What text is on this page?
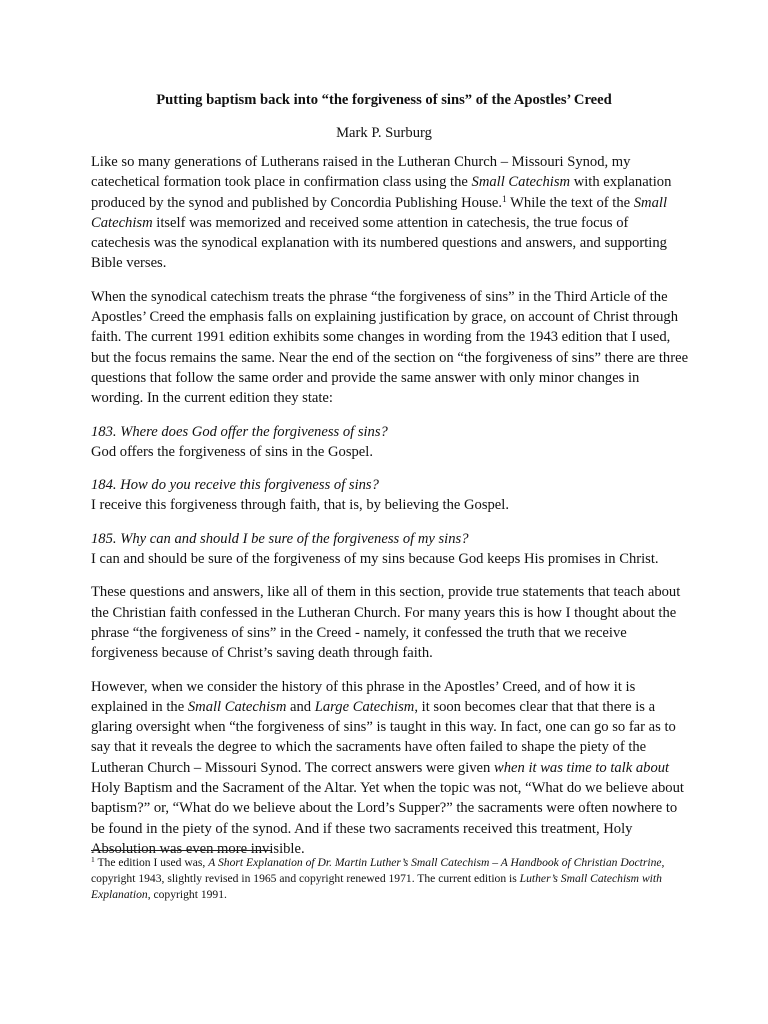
Putting baptism back into “the forgiveness of sins” of the Apostles’ Creed
Mark P. Surburg

Like so many generations of Lutherans raised in the Lutheran Church – Missouri Synod, my catechetical formation took place in confirmation class using the Small Catechism with explanation produced by the synod and published by Concordia Publishing House.$^1$ While the text of the Small Catechism itself was memorized and received some attention in catechesis, the true focus of catechesis was the synodical explanation with its numbered questions and answers, and supporting Bible verses.

When the synodical catechism treats the phrase “the forgiveness of sins” in the Third Article of the Apostles’ Creed the emphasis falls on explaining justification by grace, on account of Christ through faith. The current 1991 edition exhibits some changes in wording from the 1943 edition that I used, but the focus remains the same. Near the end of the section on “the forgiveness of sins” there are three questions that follow the same order and provide the same answer with only minor changes in wording. In the current edition they state:

183. Where does God offer the forgiveness of sins?
God offers the forgiveness of sins in the Gospel.

184. How do you receive this forgiveness of sins?
I receive this forgiveness through faith, that is, by believing the Gospel.

185. Why can and should I be sure of the forgiveness of my sins?
I can and should be sure of the forgiveness of my sins because God keeps His promises in Christ.

These questions and answers, like all of them in this section, provide true statements that teach about the Christian faith confessed in the Lutheran Church. For many years this is how I thought about the phrase “the forgiveness of sins” in the Creed - namely, it confessed the truth that we receive forgiveness because of Christ’s saving death through faith.

However, when we consider the history of this phrase in the Apostles’ Creed, and of how it is explained in the Small Catechism and Large Catechism, it soon becomes clear that that there is a glaring oversight when “the forgiveness of sins” is taught in this way. In fact, one can go so far as to say that it reveals the degree to which the sacraments have often failed to shape the piety of the Lutheran Church – Missouri Synod. The correct answers were given when it was time to talk about Holy Baptism and the Sacrament of the Altar. Yet when the topic was not, “What do we believe about baptism?” or, “What do we believe about the Lord’s Supper?” the sacraments were often nowhere to be found in the piety of the synod. And if these two sacraments received this treatment, Holy Absolution was even more invisible.

$^1$ The edition I used was, A Short Explanation of Dr. Martin Luther’s Small Catechism – A Handbook of Christian Doctrine, copyright 1943, slightly revised in 1965 and copyright renewed 1971. The current edition is Luther’s Small Catechism with Explanation, copyright 1991.
